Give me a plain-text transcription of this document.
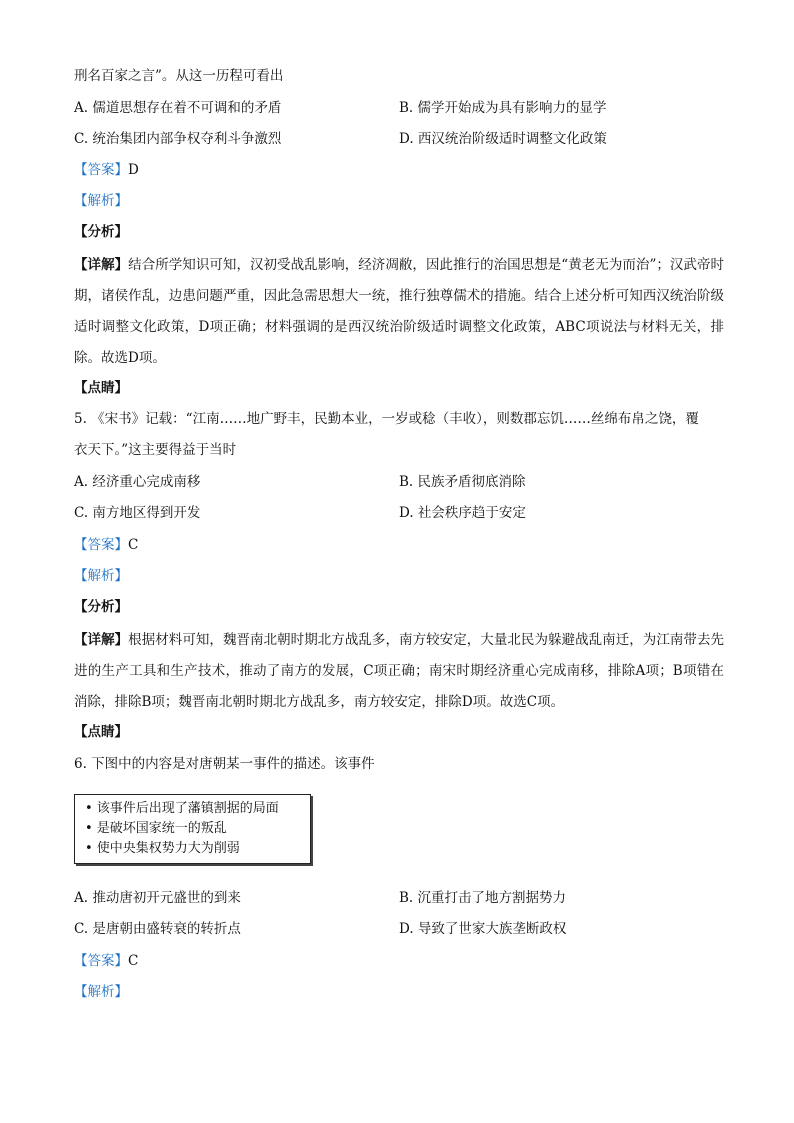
刑名百家之言”。从这一历程可看出
A. 儒道思想存在着不可调和的矛盾	B. 儒学开始成为具有影响力的显学
C. 统治集团内部争权夺利斗争激烈	D. 西汉统治阶级适时调整文化政策
【答案】D
【解析】
【分析】
【详解】结合所学知识可知，汉初受战乱影响，经济凋敝，因此推行的治国思想是“黄老无为而治”；汉武帝时期，诸侯作乱，边患问题严重，因此急需思想大一统，推行独尊儒术的措施。结合上述分析可知西汉统治阶级适时调整文化政策，D项正确；材料强调的是西汉统治阶级适时调整文化政策，ABC项说法与材料无关，排除。故选D项。
【点睛】
5. 《宋书》记载：“江南……地广野丰，民勤本业，一岁或稔（丰收），则数郡忘饥……丝绵布帛之饶，覆
衣天下。”这主要得益于当时
A. 经济重心完成南移	B. 民族矛盾彻底消除
C. 南方地区得到开发	D. 社会秩序趋于安定
【答案】C
【解析】
【分析】
【详解】根据材料可知，魏晋南北朝时期北方战乱多，南方较安定，大量北民为躲避战乱南迁，为江南带去先进的生产工具和生产技术，推动了南方的发展，C项正确；南宋时期经济重心完成南移，排除A项；B项错在消除，排除B项；魏晋南北朝时期北方战乱多，南方较安定，排除D项。故选C项。
【点睛】
6. 下图中的内容是对唐朝某一事件的描述。该事件
• 该事件后出现了藩镇割据的局面
• 是破坏国家统一的叛乱
• 使中央集权势力大为削弱
A. 推动唐初开元盛世的到来	B. 沉重打击了地方割据势力
C. 是唐朝由盛转衰的转折点	D. 导致了世家大族垄断政权
【答案】C
【解析】
